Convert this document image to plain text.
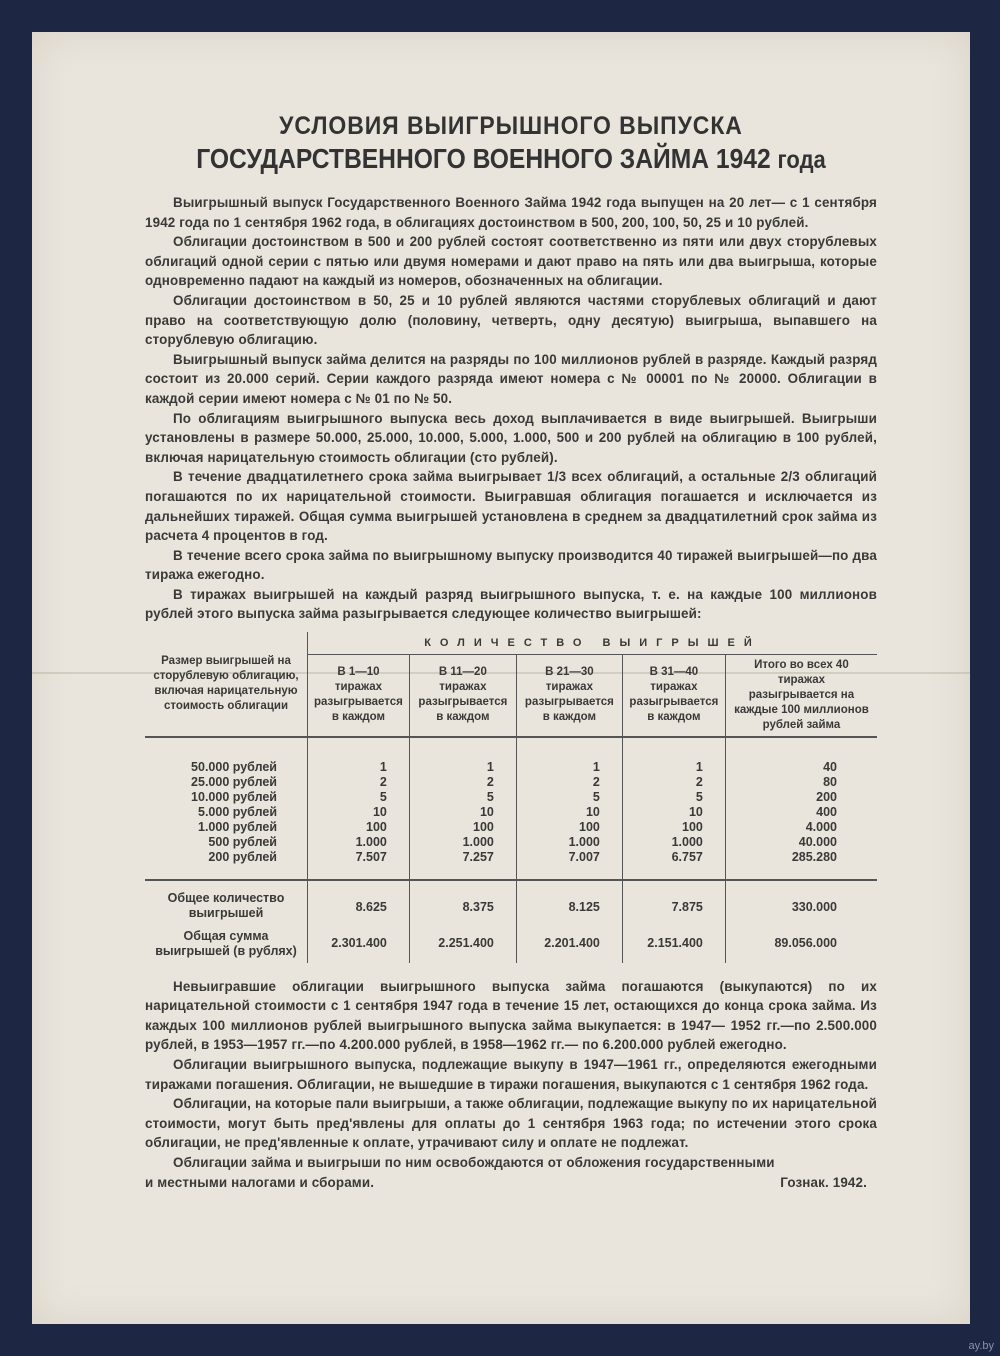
УСЛОВИЯ ВЫИГРЫШНОГО ВЫПУСКА
ГОСУДАРСТВЕННОГО ВОЕННОГО ЗАЙМА 1942 года

Выигрышный выпуск Государственного Военного Займа 1942 года выпущен на 20 лет— с 1 сентября 1942 года по 1 сентября 1962 года, в облигациях достоинством в 500, 200, 100, 50, 25 и 10 рублей.

Облигации достоинством в 500 и 200 рублей состоят соответственно из пяти или двух сторублевых облигаций одной серии с пятью или двумя номерами и дают право на пять или два выигрыша, которые одновременно падают на каждый из номеров, обозначенных на облигации.

Облигации достоинством в 50, 25 и 10 рублей являются частями сторублевых облигаций и дают право на соответствующую долю (половину, четверть, одну десятую) выигрыша, выпавшего на сторублевую облигацию.

Выигрышный выпуск займа делится на разряды по 100 миллионов рублей в разряде. Каждый разряд состоит из 20.000 серий. Серии каждого разряда имеют номера с № 00001 по № 20000. Облигации в каждой серии имеют номера с № 01 по № 50.

По облигациям выигрышного выпуска весь доход выплачивается в виде выигрышей. Выигрыши установлены в размере 50.000, 25.000, 10.000, 5.000, 1.000, 500 и 200 рублей на облигацию в 100 рублей, включая нарицательную стоимость облигации (сто рублей).

В течение двадцатилетнего срока займа выигрывает 1/3 всех облигаций, а остальные 2/3 облигаций погашаются по их нарицательной стоимости. Выигравшая облигация погашается и исключается из дальнейших тиражей. Общая сумма выигрышей установлена в среднем за двадцатилетний срок займа из расчета 4 процентов в год.

В течение всего срока займа по выигрышному выпуску производится 40 тиражей выигрышей—по два тиража ежегодно.

В тиражах выигрышей на каждый разряд выигрышного выпуска, т. е. на каждые 100 миллионов рублей этого выпуска займа разыгрывается следующее количество выигрышей:

Размер выигрышей на сторублевую облигацию, включая нарицательную стоимость облигации	КОЛИЧЕСТВО ВЫИГРЫШЕЙ				
	В 1—10 тиражах разыгрывается в каждом	В 11—20 тиражах разыгрывается в каждом	В 21—30 тиражах разыгрывается в каждом	В 31—40 тиражах разыгрывается в каждом	Итого во всех 40 тиражах разыгрывается на каждые 100 миллионов рублей займа
50.000 рублей	1	1	1	1	40
25.000 рублей	2	2	2	2	80
10.000 рублей	5	5	5	5	200
5.000 рублей	10	10	10	10	400
1.000 рублей	100	100	100	100	4.000
500 рублей	1.000	1.000	1.000	1.000	40.000
200 рублей	7.507	7.257	7.007	6.757	285.280
Общее количество выигрышей	8.625	8.375	8.125	7.875	330.000
Общая сумма выигрышей (в рублях)	2.301.400	2.251.400	2.201.400	2.151.400	89.056.000

Невыигравшие облигации выигрышного выпуска займа погашаются (выкупаются) по их нарицательной стоимости с 1 сентября 1947 года в течение 15 лет, остающихся до конца срока займа. Из каждых 100 миллионов рублей выигрышного выпуска займа выкупается: в 1947— 1952 гг.—по 2.500.000 рублей, в 1953—1957 гг.—по 4.200.000 рублей, в 1958—1962 гг.— по 6.200.000 рублей ежегодно.

Облигации выигрышного выпуска, подлежащие выкупу в 1947—1961 гг., определяются ежегодными тиражами погашения. Облигации, не вышедшие в тиражи погашения, выкупаются с 1 сентября 1962 года.

Облигации, на которые пали выигрыши, а также облигации, подлежащие выкупу по их нарицательной стоимости, могут быть пред'явлены для оплаты до 1 сентября 1963 года; по истечении этого срока облигации, не пред'явленные к оплате, утрачивают силу и оплате не подлежат.

Облигации займа и выигрыши по ним освобождаются от обложения государственными

и местными налогами и сборами.	Гознак. 1942.

ay.by
